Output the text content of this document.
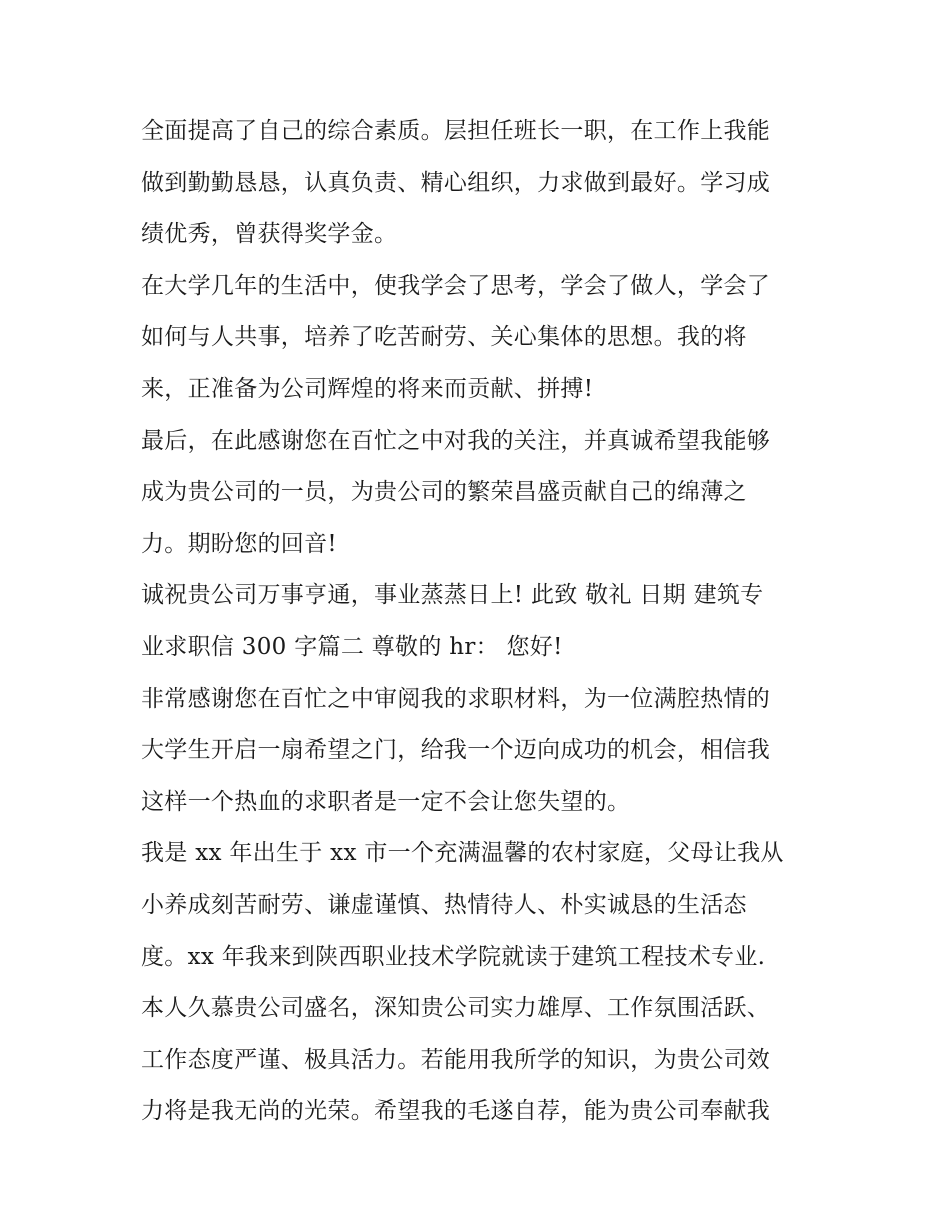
全面提高了自己的综合素质。层担任班长一职，在工作上我能
做到勤勤恳恳，认真负责、精心组织，力求做到最好。学习成
绩优秀，曾获得奖学金。
在大学几年的生活中，使我学会了思考，学会了做人，学会了
如何与人共事，培养了吃苦耐劳、关心集体的思想。我的将
来，正准备为公司辉煌的将来而贡献、拼搏!
最后，在此感谢您在百忙之中对我的关注，并真诚希望我能够
成为贵公司的一员，为贵公司的繁荣昌盛贡献自己的绵薄之
力。期盼您的回音!
诚祝贵公司万事亨通，事业蒸蒸日上! 此致 敬礼 日期 建筑专
业求职信 300 字篇二 尊敬的 hr： 您好!
非常感谢您在百忙之中审阅我的求职材料，为一位满腔热情的
大学生开启一扇希望之门，给我一个迈向成功的机会，相信我
这样一个热血的求职者是一定不会让您失望的。
我是 xx 年出生于 xx 市一个充满温馨的农村家庭，父母让我从
小养成刻苦耐劳、谦虚谨慎、热情待人、朴实诚恳的生活态
度。xx 年我来到陕西职业技术学院就读于建筑工程技术专业.
本人久慕贵公司盛名，深知贵公司实力雄厚、工作氛围活跃、
工作态度严谨、极具活力。若能用我所学的知识，为贵公司效
力将是我无尚的光荣。希望我的毛遂自荐，能为贵公司奉献我
